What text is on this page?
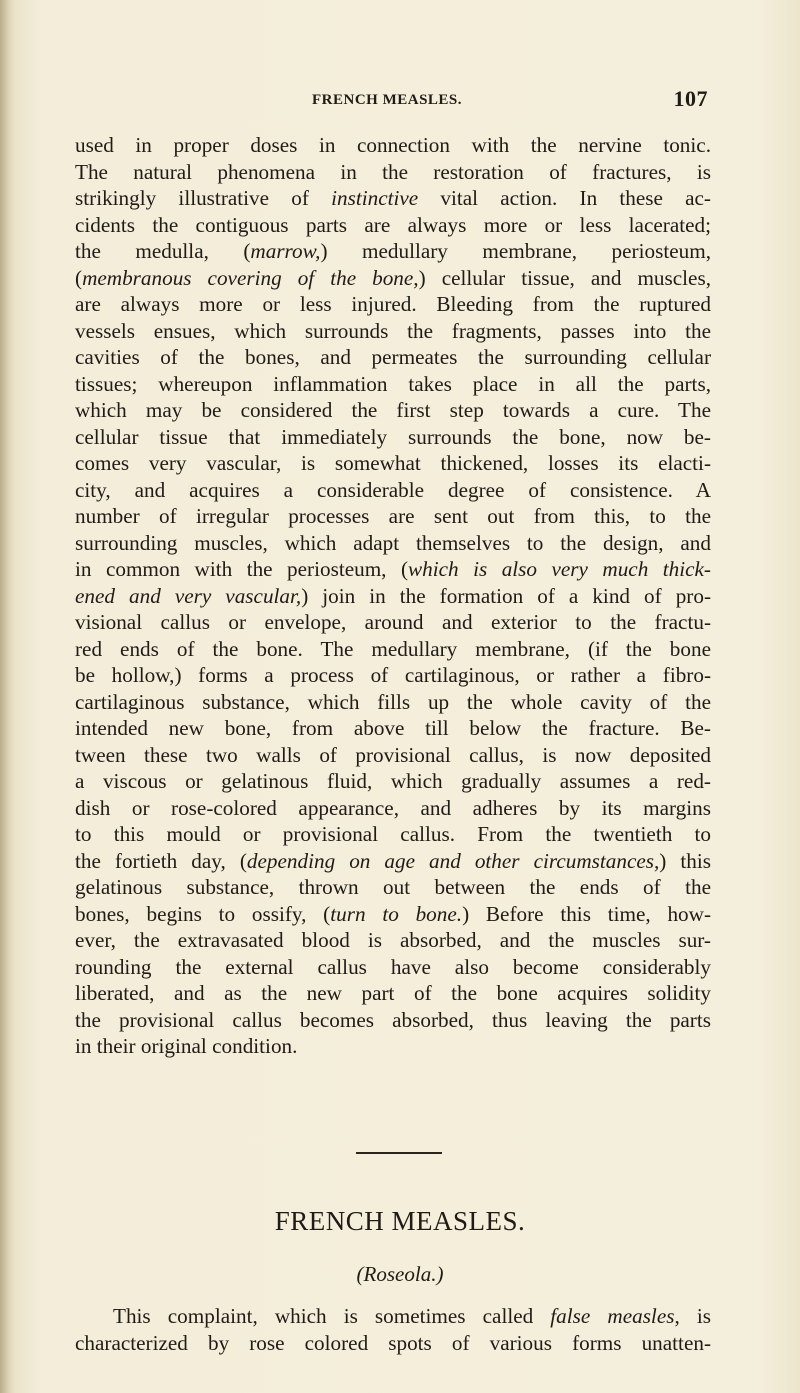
FRENCH MEASLES.	107
used in proper doses in connection with the nervine tonic.
The natural phenomena in the restoration of fractures, is
strikingly illustrative of instinctive vital action. In these ac-
cidents the contiguous parts are always more or less lacerated;
the medulla, (marrow,) medullary membrane, periosteum,
(membranous covering of the bone,) cellular tissue, and muscles,
are always more or less injured. Bleeding from the ruptured
vessels ensues, which surrounds the fragments, passes into the
cavities of the bones, and permeates the surrounding cellular
tissues; whereupon inflammation takes place in all the parts,
which may be considered the first step towards a cure. The
cellular tissue that immediately surrounds the bone, now be-
comes very vascular, is somewhat thickened, losses its elacti-
city, and acquires a considerable degree of consistence. A
number of irregular processes are sent out from this, to the
surrounding muscles, which adapt themselves to the design, and
in common with the periosteum, (which is also very much thick-
ened and very vascular,) join in the formation of a kind of pro-
visional callus or envelope, around and exterior to the fractu-
red ends of the bone. The medullary membrane, (if the bone
be hollow,) forms a process of cartilaginous, or rather a fibro-
cartilaginous substance, which fills up the whole cavity of the
intended new bone, from above till below the fracture. Be-
tween these two walls of provisional callus, is now deposited
a viscous or gelatinous fluid, which gradually assumes a red-
dish or rose-colored appearance, and adheres by its margins
to this mould or provisional callus. From the twentieth to
the fortieth day, (depending on age and other circumstances,) this
gelatinous substance, thrown out between the ends of the
bones, begins to ossify, (turn to bone.) Before this time, how-
ever, the extravasated blood is absorbed, and the muscles sur-
rounding the external callus have also become considerably
liberated, and as the new part of the bone acquires solidity
the provisional callus becomes absorbed, thus leaving the parts
in their original condition.
FRENCH MEASLES.
(Roseola.)
This complaint, which is sometimes called false measles, is
characterized by rose colored spots of various forms unatten-
